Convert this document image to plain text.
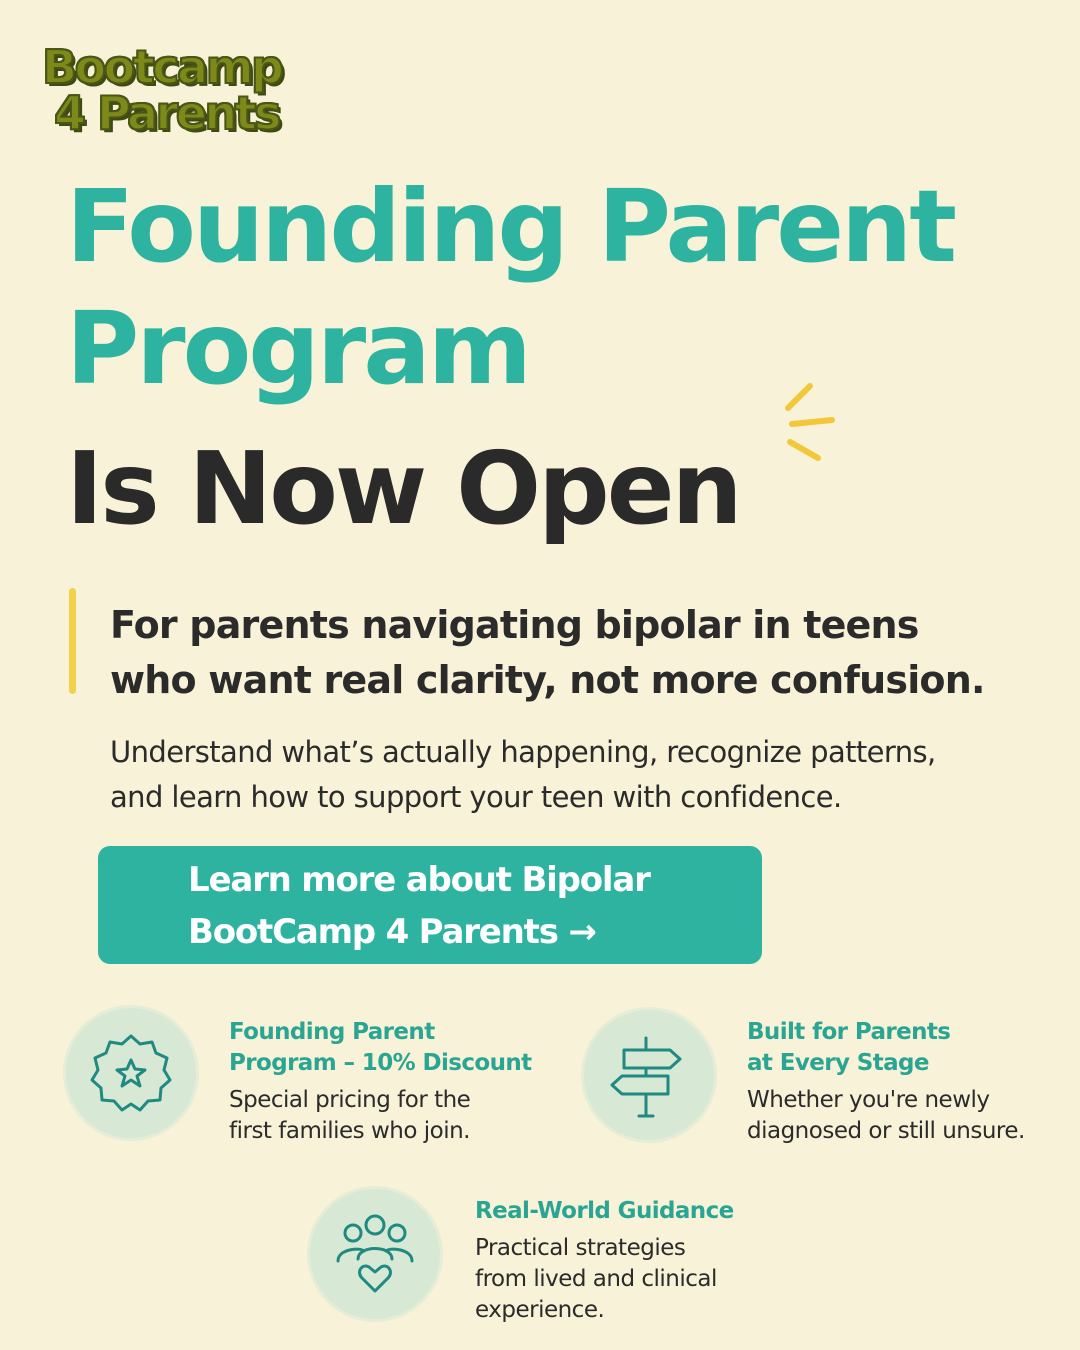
Bootcamp
4 Parents
Founding Parent
Program
Is Now Open
For parents navigating bipolar in teens
who want real clarity, not more confusion.
Understand what’s actually happening, recognize patterns,
and learn how to support your teen with confidence.
Learn more about Bipolar
BootCamp 4 Parents →
Founding Parent
Program – 10% Discount
Special pricing for the
first families who join.
Built for Parents
at Every Stage
Whether you're newly
diagnosed or still unsure.
Real-World Guidance
Practical strategies
from lived and clinical
experience.
